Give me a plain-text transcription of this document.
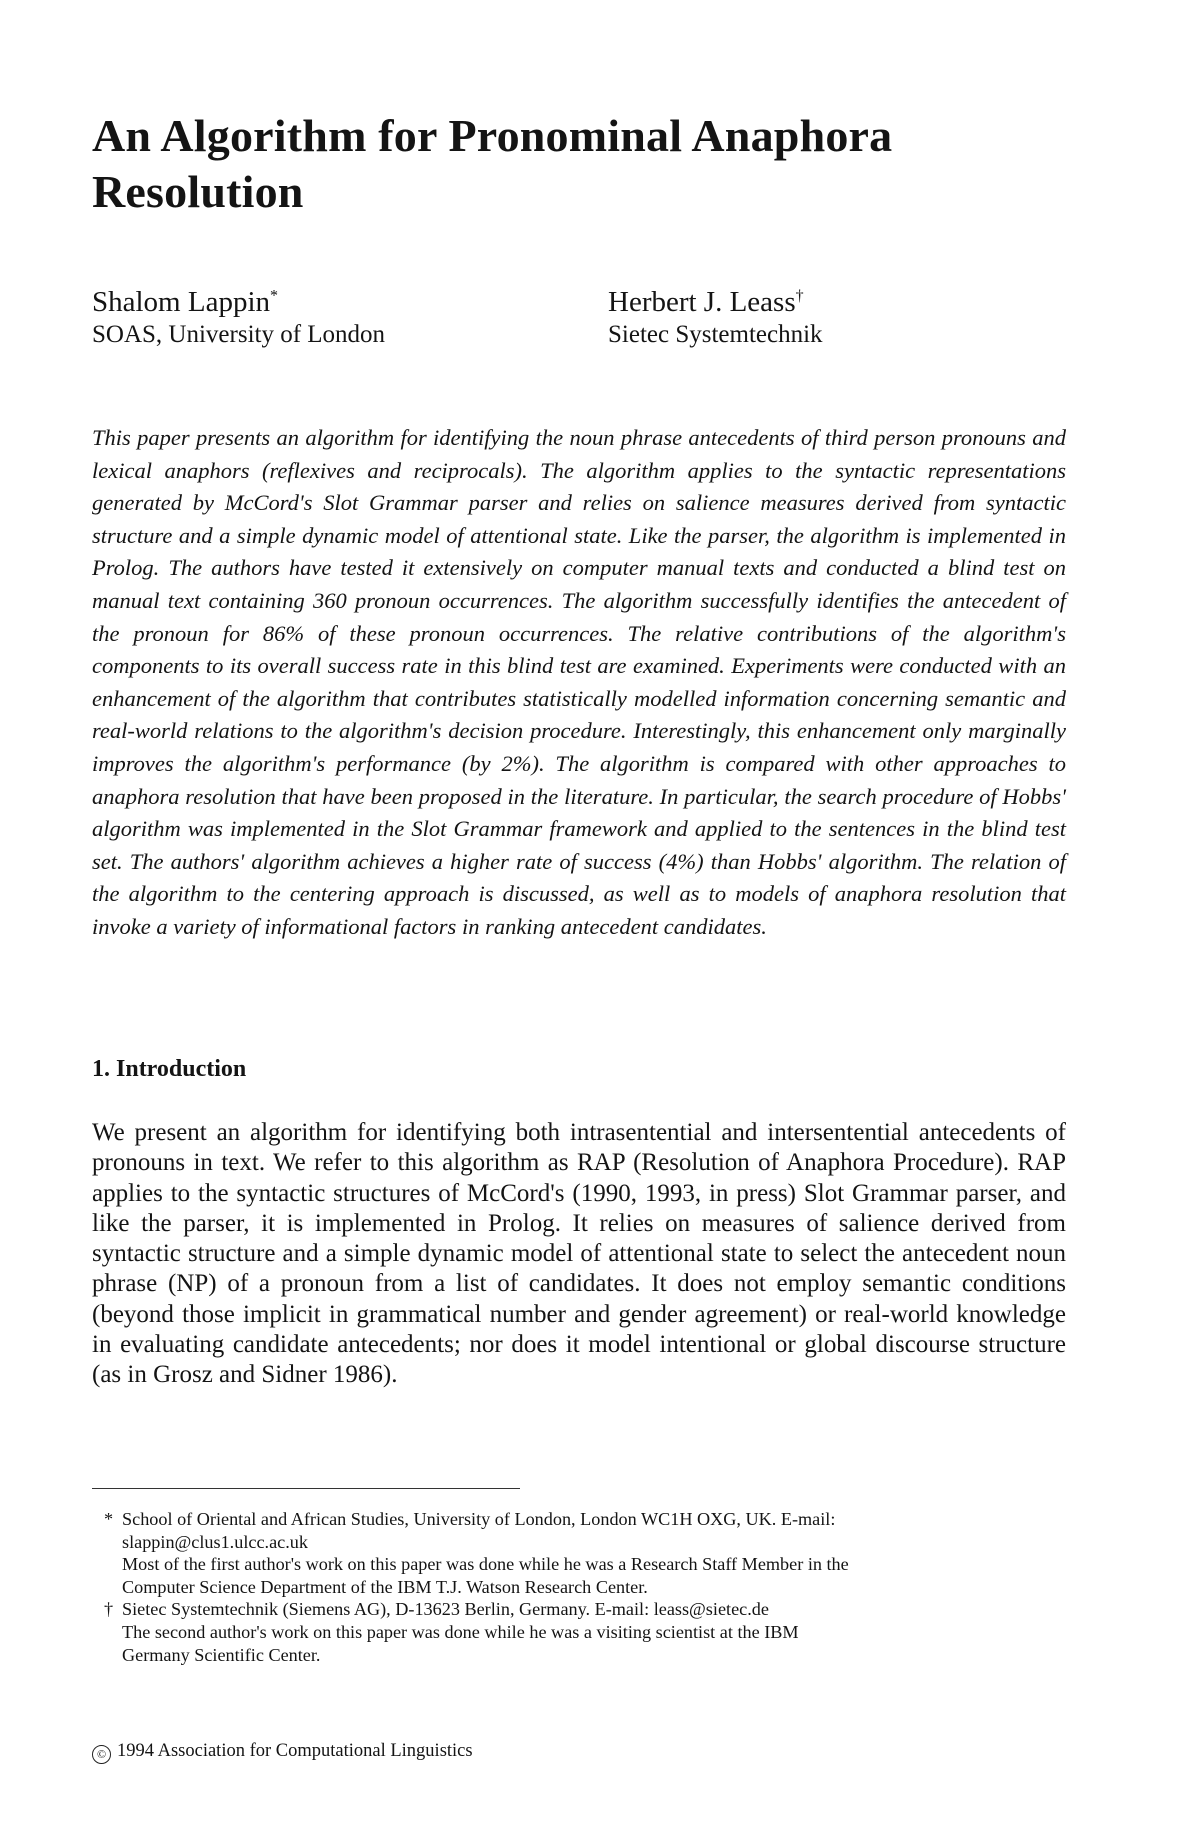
An Algorithm for Pronominal Anaphora Resolution
Shalom Lappin*
SOAS, University of London
Herbert J. Leass†
Sietec Systemtechnik

This paper presents an algorithm for identifying the noun phrase antecedents of third person pronouns and lexical anaphors (reflexives and reciprocals). The algorithm applies to the syntactic representations generated by McCord's Slot Grammar parser and relies on salience measures derived from syntactic structure and a simple dynamic model of attentional state. Like the parser, the algorithm is implemented in Prolog. The authors have tested it extensively on computer manual texts and conducted a blind test on manual text containing 360 pronoun occurrences. The algorithm successfully identifies the antecedent of the pronoun for 86% of these pronoun occurrences. The relative contributions of the algorithm's components to its overall success rate in this blind test are examined. Experiments were conducted with an enhancement of the algorithm that contributes statistically modelled information concerning semantic and real-world relations to the algorithm's decision procedure. Interestingly, this enhancement only marginally improves the algorithm's performance (by 2%). The algorithm is compared with other approaches to anaphora resolution that have been proposed in the literature. In particular, the search procedure of Hobbs' algorithm was implemented in the Slot Grammar framework and applied to the sentences in the blind test set. The authors' algorithm achieves a higher rate of success (4%) than Hobbs' algorithm. The relation of the algorithm to the centering approach is discussed, as well as to models of anaphora resolution that invoke a variety of informational factors in ranking antecedent candidates.

1. Introduction

We present an algorithm for identifying both intrasentential and intersentential antecedents of pronouns in text. We refer to this algorithm as RAP (Resolution of Anaphora Procedure). RAP applies to the syntactic structures of McCord's (1990, 1993, in press) Slot Grammar parser, and like the parser, it is implemented in Prolog. It relies on measures of salience derived from syntactic structure and a simple dynamic model of attentional state to select the antecedent noun phrase (NP) of a pronoun from a list of candidates. It does not employ semantic conditions (beyond those implicit in grammatical number and gender agreement) or real-world knowledge in evaluating candidate antecedents; nor does it model intentional or global discourse structure (as in Grosz and Sidner 1986).

* School of Oriental and African Studies, University of London, London WC1H OXG, UK. E-mail:
slappin@clus1.ulcc.ac.uk
Most of the first author's work on this paper was done while he was a Research Staff Member in the
Computer Science Department of the IBM T.J. Watson Research Center.
† Sietec Systemtechnik (Siemens AG), D-13623 Berlin, Germany. E-mail: leass@sietec.de
The second author's work on this paper was done while he was a visiting scientist at the IBM
Germany Scientific Center.
© 1994 Association for Computational Linguistics
